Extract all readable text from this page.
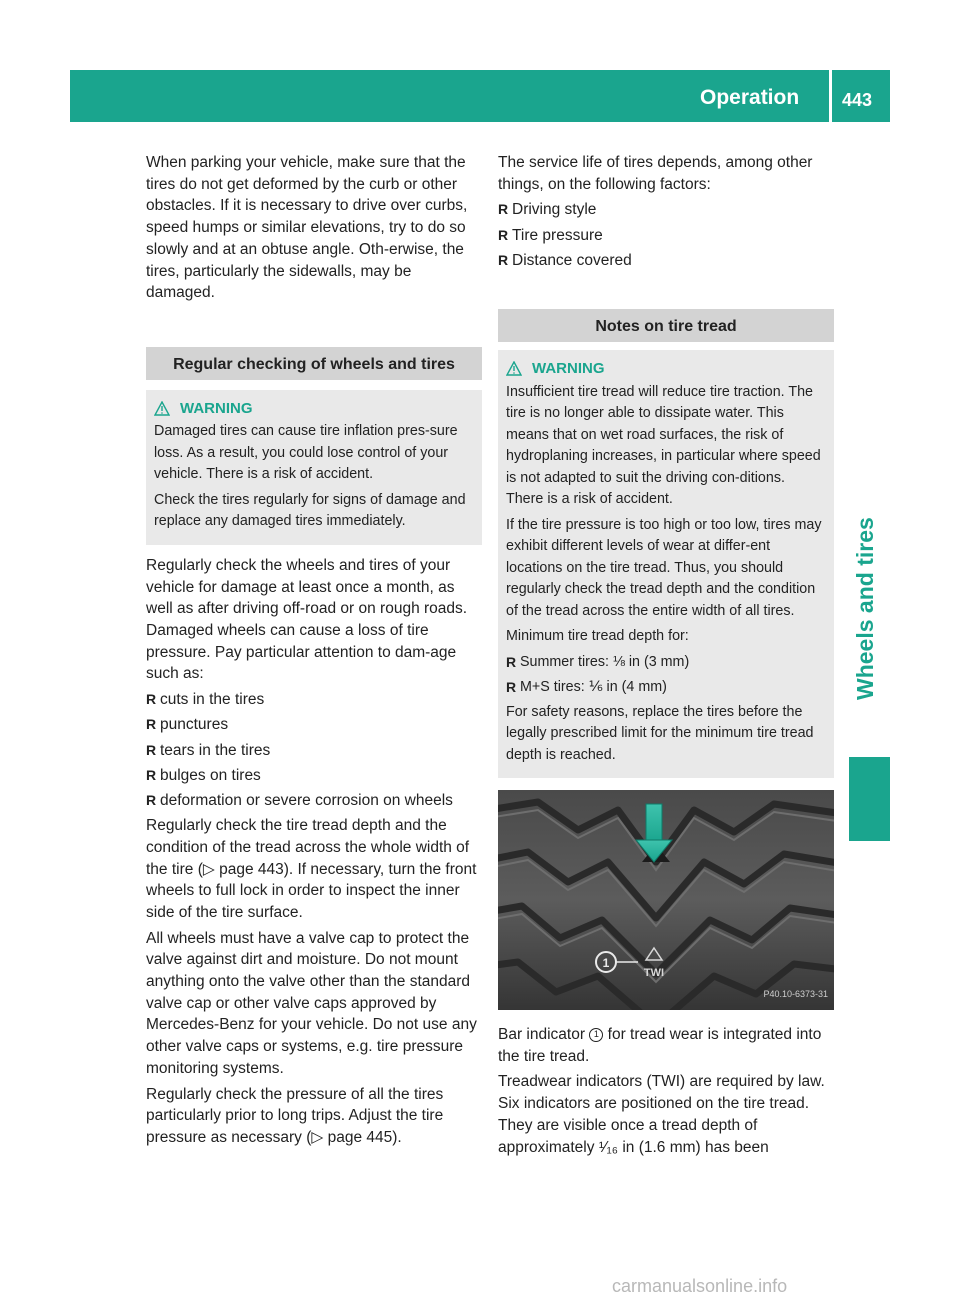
Operation 443
Wheels and tires

When parking your vehicle, make sure that the tires do not get deformed by the curb or other obstacles. If it is necessary to drive over curbs, speed humps or similar elevations, try to do so slowly and at an obtuse angle. Oth-erwise, the tires, particularly the sidewalls, may be damaged.

Regular checking of wheels and tires
WARNING

Damaged tires can cause tire inflation pres-sure loss. As a result, you could lose control of your vehicle. There is a risk of accident.

Check the tires regularly for signs of damage and replace any damaged tires immediately.

Regularly check the wheels and tires of your vehicle for damage at least once a month, as well as after driving off-road or on rough roads. Damaged wheels can cause a loss of tire pressure. Pay particular attention to dam-age such as:

R cuts in the tires
R punctures
R tears in the tires
R bulges on tires
R deformation or severe corrosion on wheels

Regularly check the tire tread depth and the condition of the tread across the whole width of the tire (▷ page 443). If necessary, turn the front wheels to full lock in order to inspect the inner side of the tire surface.

All wheels must have a valve cap to protect the valve against dirt and moisture. Do not mount anything onto the valve other than the standard valve cap or other valve caps approved by Mercedes-Benz for your vehicle. Do not use any other valve caps or systems, e.g. tire pressure monitoring systems.

Regularly check the pressure of all the tires particularly prior to long trips. Adjust the tire pressure as necessary (▷ page 445).

The service life of tires depends, among other things, on the following factors:

R Driving style
R Tire pressure
R Distance covered
Notes on tire tread
WARNING

Insufficient tire tread will reduce tire traction. The tire is no longer able to dissipate water. This means that on wet road surfaces, the risk of hydroplaning increases, in particular where speed is not adapted to suit the driving con-ditions. There is a risk of accident.

If the tire pressure is too high or too low, tires may exhibit different levels of wear at differ-ent locations on the tire tread. Thus, you should regularly check the tread depth and the condition of the tread across the entire width of all tires.

Minimum tire tread depth for:

R Summer tires: ⅛ in (3 mm)
R M+S tires: ⅙ in (4 mm)

For safety reasons, replace the tires before the legally prescribed limit for the minimum tire tread depth is reached.

1
TWI
P40.10-6373-31

Bar indicator 1 for tread wear is integrated into the tire tread.

Treadwear indicators (TWI) are required by law. Six indicators are positioned on the tire tread. They are visible once a tread depth of approximately ¹⁄₁₆ in (1.6 mm) has been

carmanualsonline.info
